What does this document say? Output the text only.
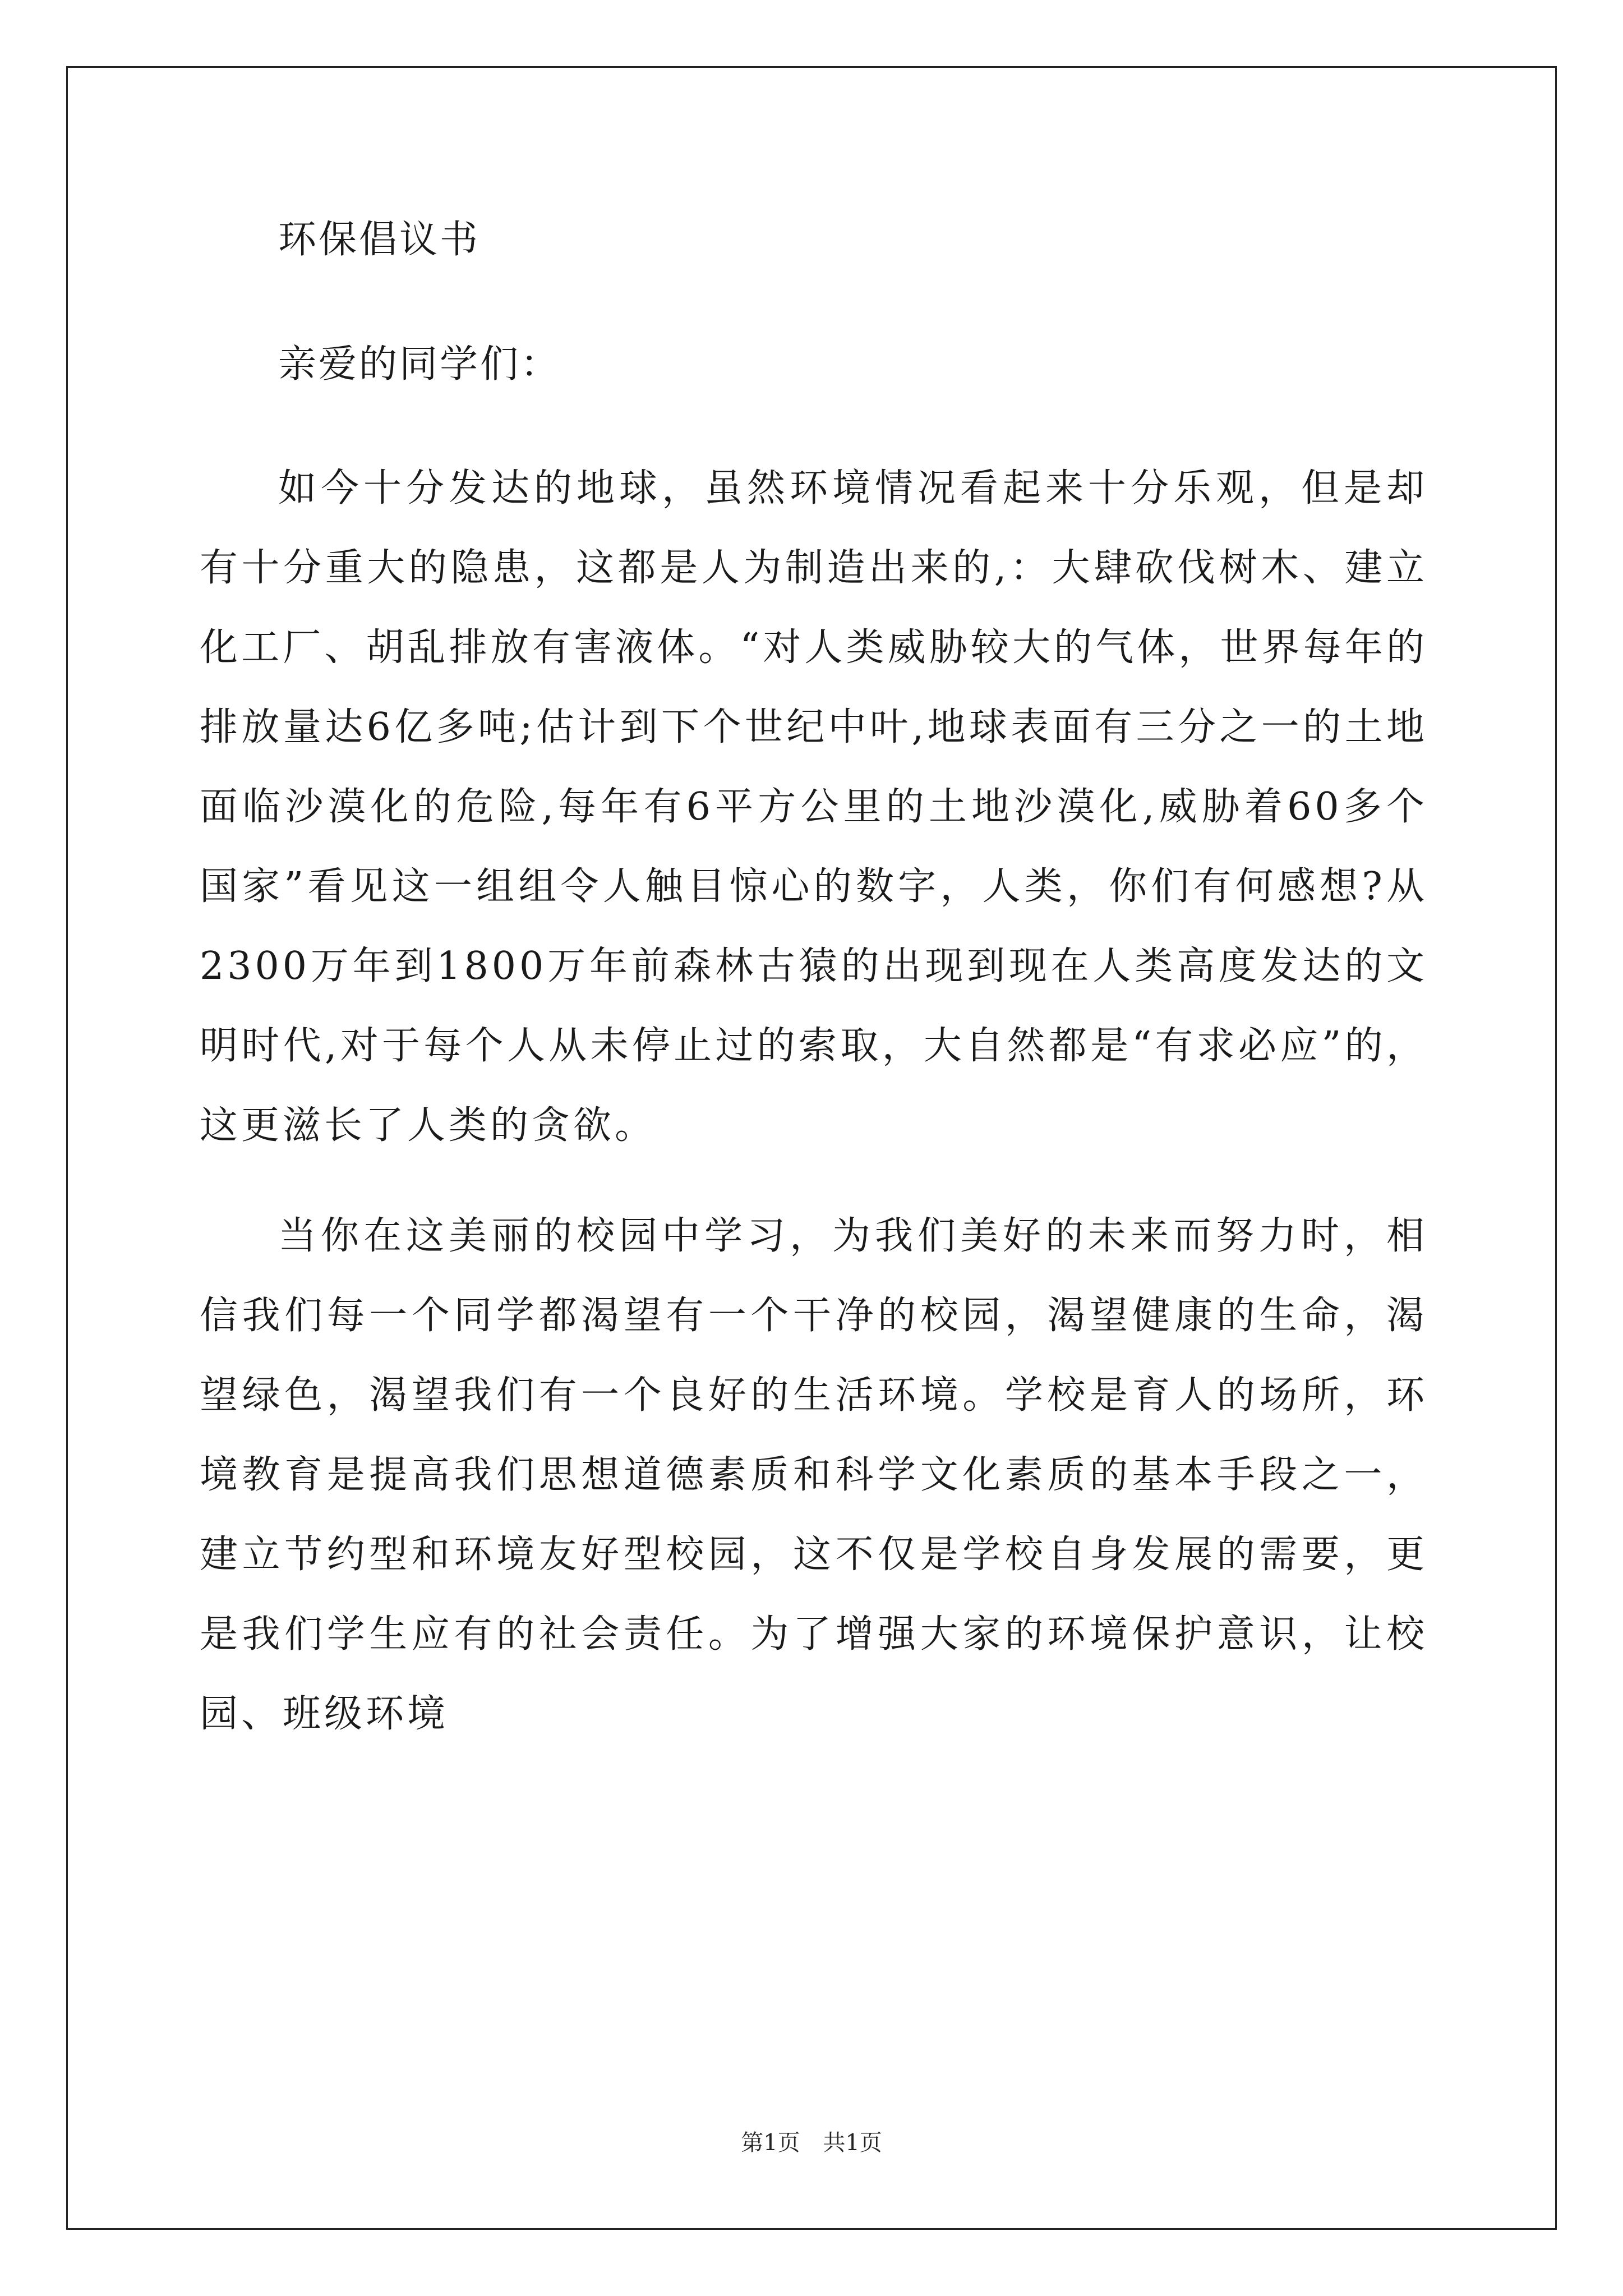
环保倡议书
亲爱的同学们：

如今十分发达的地球，虽然环境情况看起来十分乐观，但是却有十分重大的隐患，这都是人为制造出来的,：大肆砍伐树木、建立化工厂、胡乱排放有害液体。“对人类威胁较大的气体，世界每年的排放量达6亿多吨;估计到下个世纪中叶,地球表面有三分之一的土地面临沙漠化的危险,每年有6平方公里的土地沙漠化,威胁着60多个国家”看见这一组组令人触目惊心的数字，人类，你们有何感想?从2300万年到1800万年前森林古猿的出现到现在人类高度发达的文明时代,对于每个人从未停止过的索取，大自然都是“有求必应”的，这更滋长了人类的贪欲。

当你在这美丽的校园中学习，为我们美好的未来而努力时，相信我们每一个同学都渴望有一个干净的校园，渴望健康的生命，渴望绿色，渴望我们有一个良好的生活环境。学校是育人的场所，环境教育是提高我们思想道德素质和科学文化素质的基本手段之一，建立节约型和环境友好型校园，这不仅是学校自身发展的需要，更是我们学生应有的社会责任。为了增强大家的环境保护意识，让校园、班级环境

第1页 共1页
